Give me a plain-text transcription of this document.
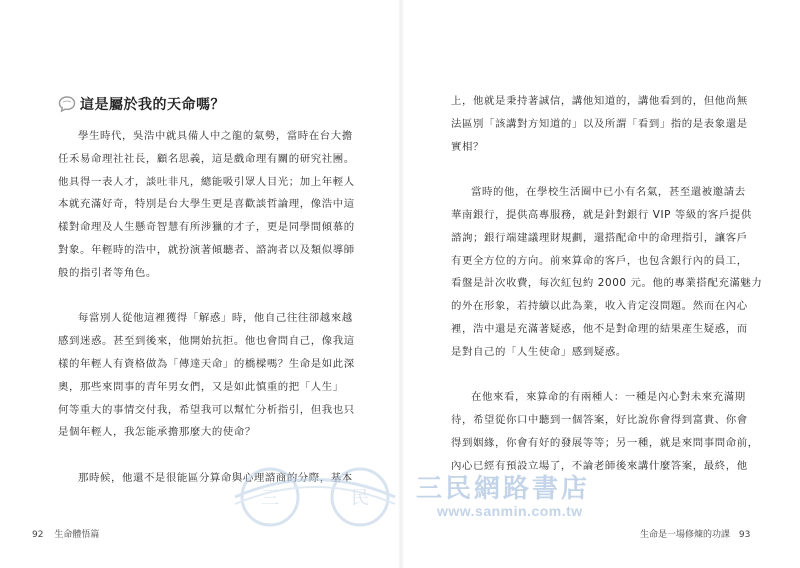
這是屬於我的天命嗎？
學生時代，吳浩中就具備人中之龍的氣勢，當時在台大擔
任禾易命理社社長，顧名思義，這是戲命理有關的研究社團。
他具得一表人才，談吐非凡，總能吸引眾人目光；加上年輕人
本就充滿好奇，特別是台大學生更是喜歡談哲論理，像浩中這
樣對命理及人生懸奇智慧有所涉獵的才子，更是同學間傾慕的
對象。年輕時的浩中，就扮演著傾聽者、諮詢者以及類似導師
般的指引者等角色。
每當別人從他這裡獲得「解惑」時，他自己往往卻越來越
感到迷惑。甚至到後來，他開始抗拒。他也會問自己，像我這
樣的年輕人有資格做為「傳達天命」的橋樑嗎？生命是如此深
奧，那些來問事的青年男女們，又是如此慎重的把「人生」
何等重大的事情交付我，希望我可以幫忙分析指引，但我也只
是個年輕人，我怎能承擔那麼大的使命？
那時候，他還不是很能區分算命與心理諮商的分際，基本
92 生命體悟篇
上，他就是秉持著誠信，講他知道的，講他看到的，但他尚無
法區別「該講對方知道的」以及所謂「看到」指的是表象還是
實相？
當時的他，在學校生活圈中已小有名氣，甚至還被邀請去
華南銀行，提供高專服務，就是針對銀行 VIP 等級的客戶提供
諮詢；銀行端建議理財規劃，還搭配命中的命理指引，讓客戶
有更全方位的方向。前來算命的客戶，也包含銀行內的員工，
看盤是計次收費，每次紅包約 2000 元。他的專業搭配充滿魅力
的外在形象，若持續以此為業，收入肯定沒問題。然而在內心
裡，浩中還是充滿著疑惑，他不是對命理的結果產生疑惑，而
是對自己的「人生使命」感到疑惑。
在他來看，來算命的有兩種人：一種是內心對未來充滿期
待，希望從你口中聽到一個答案，好比說你會得到富貴、你會
得到姻緣，你會有好的發展等等；另一種，就是來問事問命前，
內心已經有預設立場了，不論老師後來講什麼答案，最終，他
生命是一場修煉的功課 93
三	民 三民網路書店
www.sanmin.com.tw
